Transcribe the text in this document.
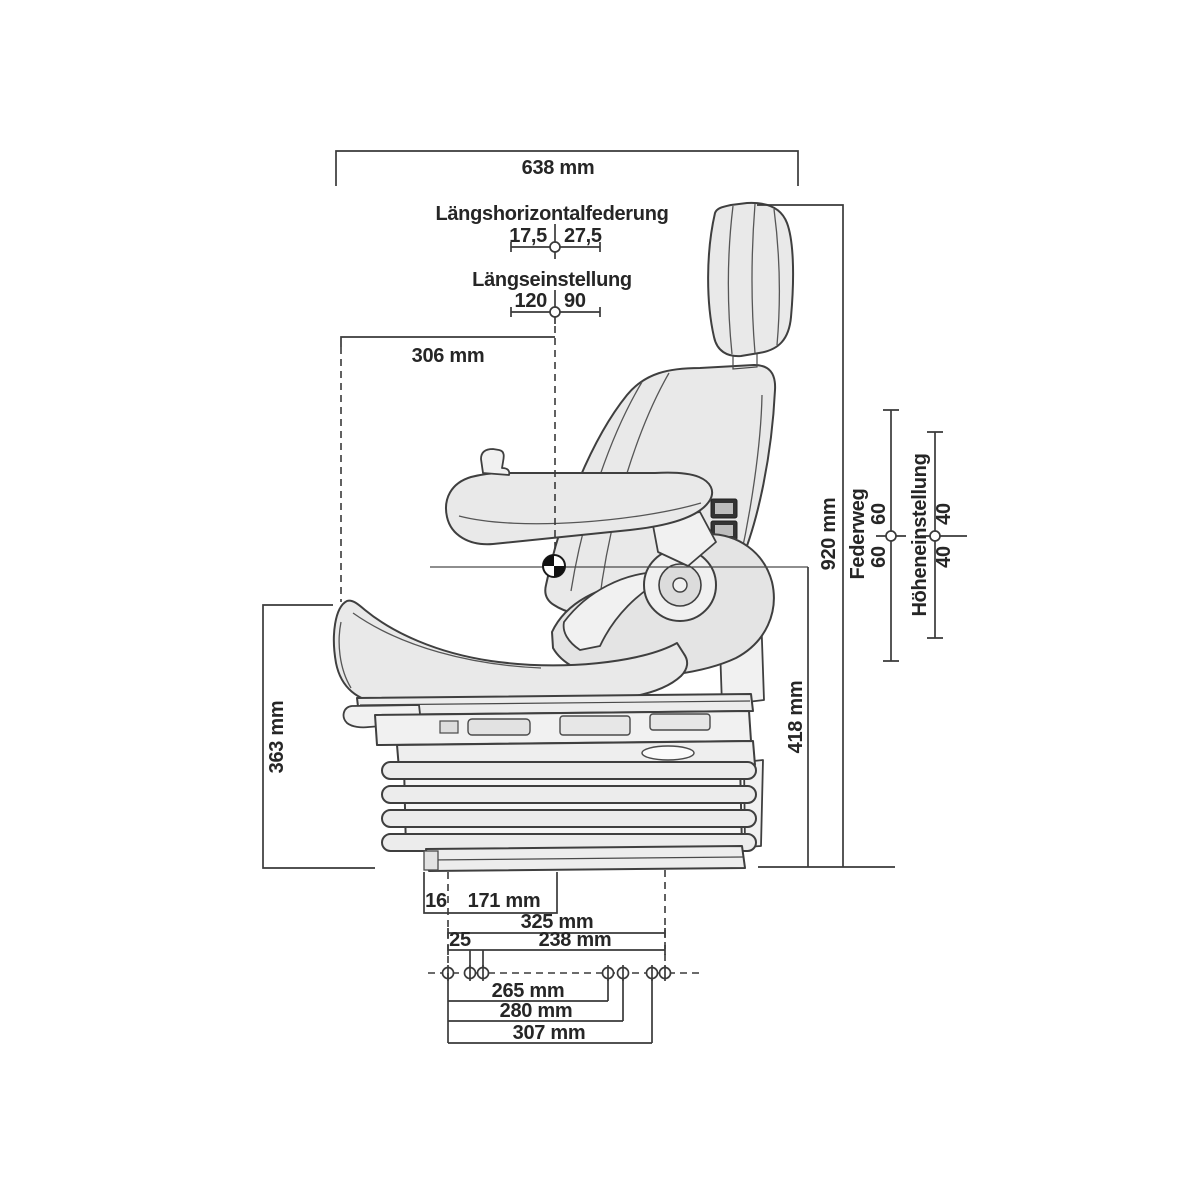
638 mm
Längshorizontalfederung
17,5 27,5
Längseinstellung
120 90
306 mm
920 mm Federweg 60
60 Höheneinstellung 40
40
418 mm
363 mm
16 171 mm
325 mm
25	238 mm
265 mm
280 mm
307 mm
